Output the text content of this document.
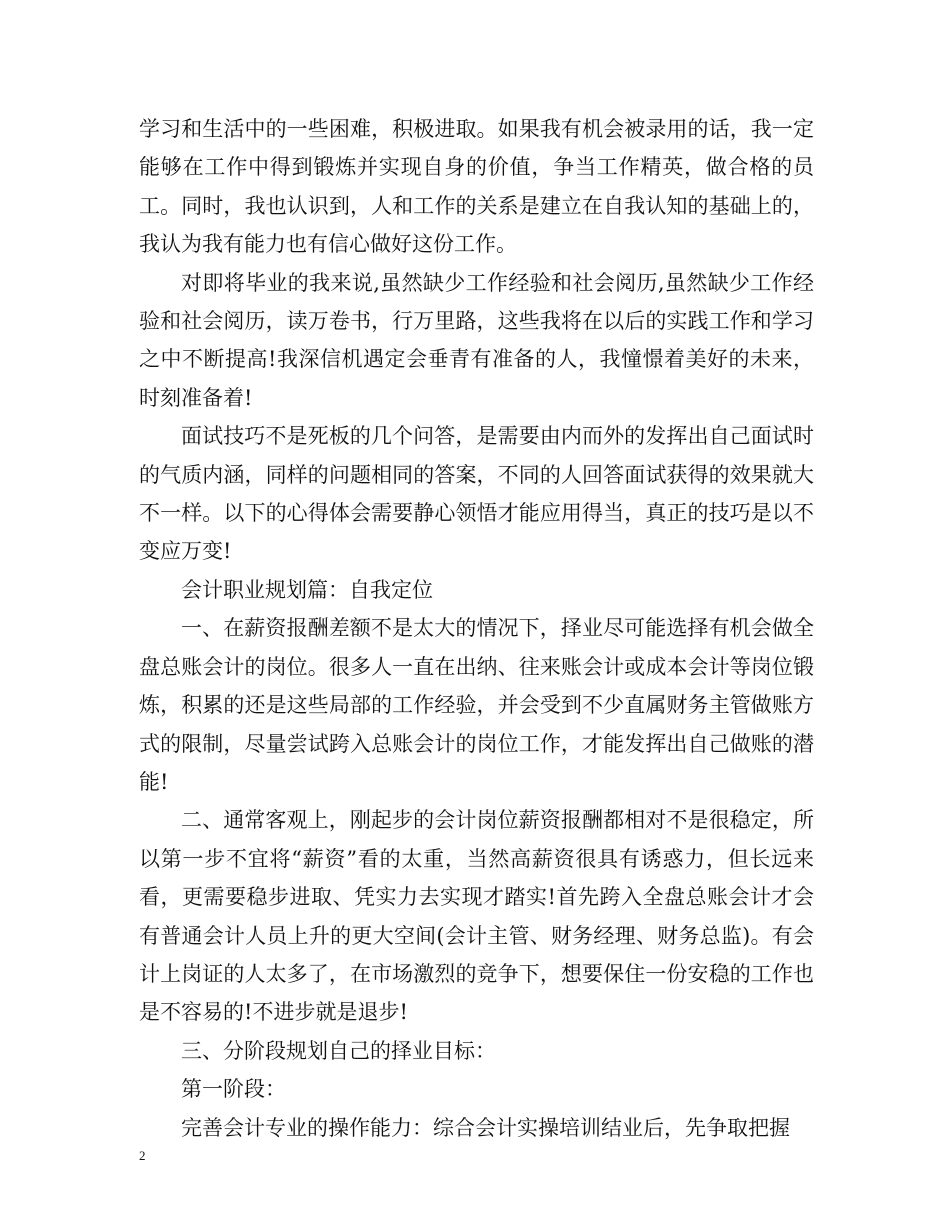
学习和生活中的一些困难，积极进取。如果我有机会被录用的话，我一定能够在工作中得到锻炼并实现自身的价值，争当工作精英，做合格的员工。同时，我也认识到，人和工作的关系是建立在自我认知的基础上的，我认为我有能力也有信心做好这份工作。

对即将毕业的我来说,虽然缺少工作经验和社会阅历,虽然缺少工作经验和社会阅历，读万卷书，行万里路，这些我将在以后的实践工作和学习之中不断提高!我深信机遇定会垂青有准备的人，我憧憬着美好的未来，时刻准备着!

面试技巧不是死板的几个问答，是需要由内而外的发挥出自己面试时的气质内涵，同样的问题相同的答案，不同的人回答面试获得的效果就大不一样。以下的心得体会需要静心领悟才能应用得当，真正的技巧是以不变应万变!

会计职业规划篇：自我定位

一、在薪资报酬差额不是太大的情况下，择业尽可能选择有机会做全盘总账会计的岗位。很多人一直在出纳、往来账会计或成本会计等岗位锻炼，积累的还是这些局部的工作经验，并会受到不少直属财务主管做账方式的限制，尽量尝试跨入总账会计的岗位工作，才能发挥出自己做账的潜能!

二、通常客观上，刚起步的会计岗位薪资报酬都相对不是很稳定，所以第一步不宜将“薪资”看的太重，当然高薪资很具有诱惑力，但长远来看，更需要稳步进取、凭实力去实现才踏实!首先跨入全盘总账会计才会有普通会计人员上升的更大空间(会计主管、财务经理、财务总监)。有会计上岗证的人太多了，在市场激烈的竞争下，想要保住一份安稳的工作也是不容易的!不进步就是退步!

三、分阶段规划自己的择业目标：

第一阶段：

完善会计专业的操作能力：综合会计实操培训结业后，先争取把握

2
